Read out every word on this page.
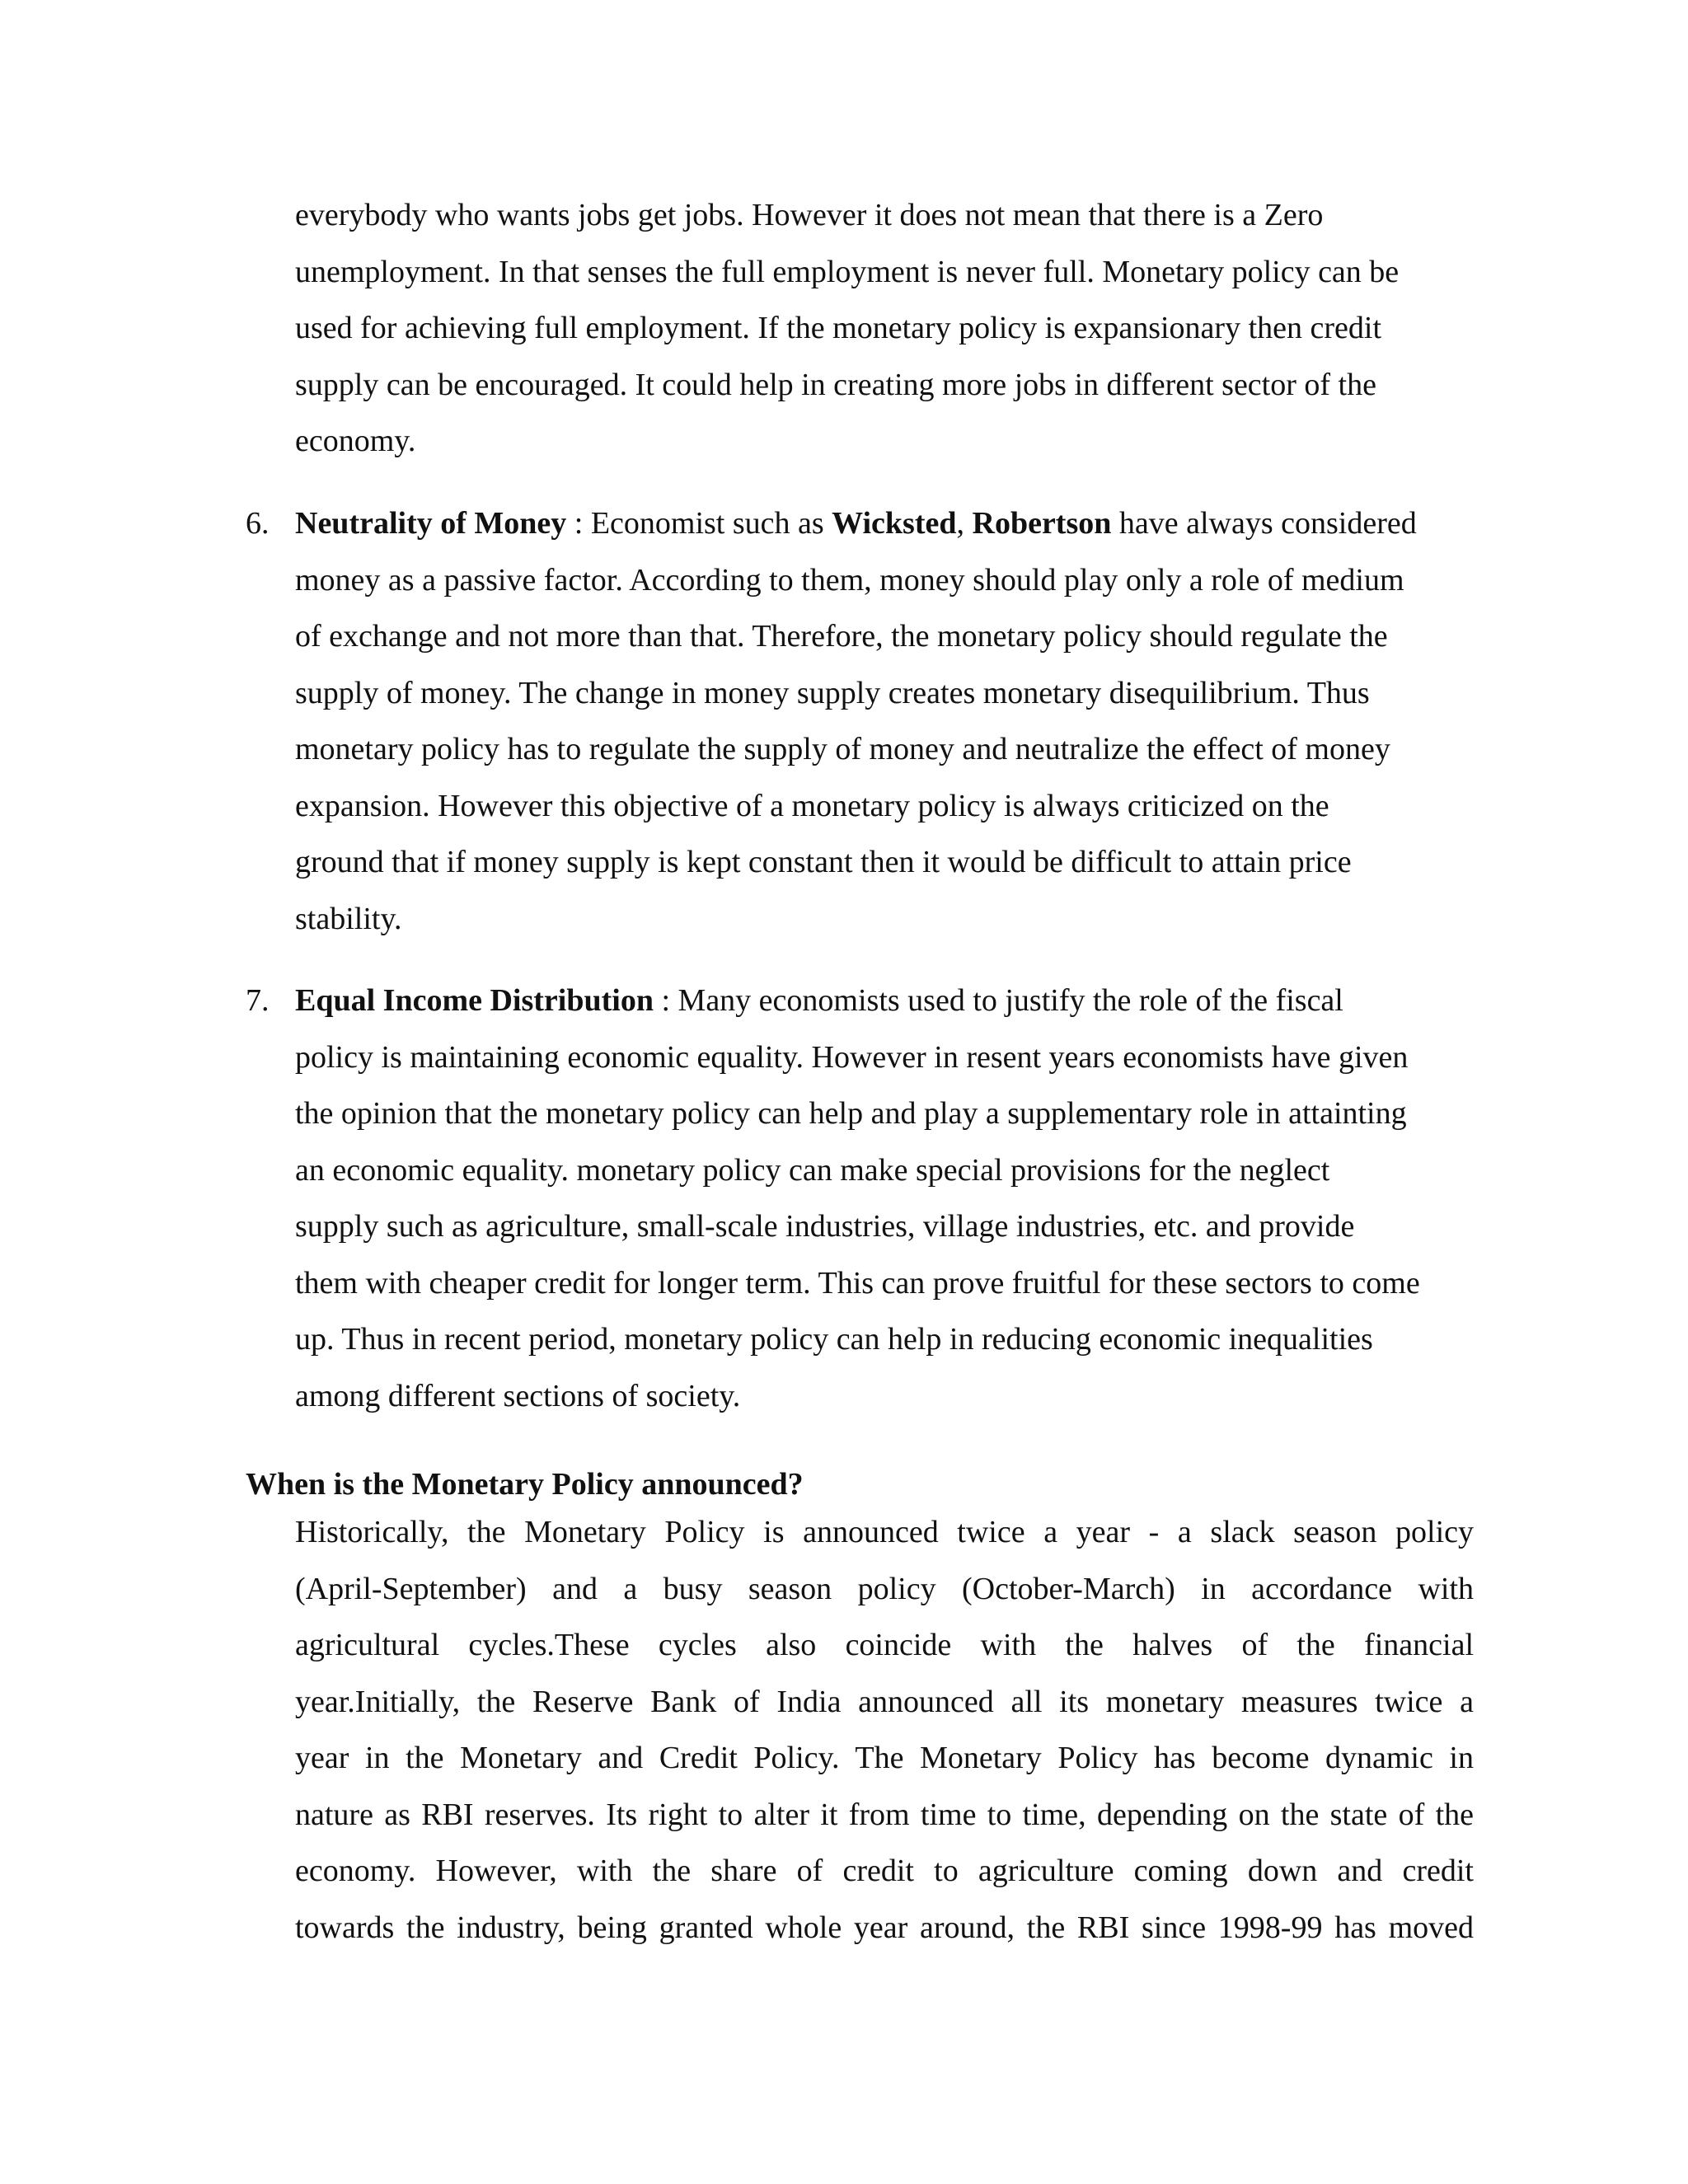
everybody who wants jobs get jobs. However it does not mean that there is a Zero
unemployment. In that senses the full employment is never full. Monetary policy can be
used for achieving full employment. If the monetary policy is expansionary then credit
supply can be encouraged. It could help in creating more jobs in different sector of the
economy.
6. Neutrality of Money : Economist such as Wicksted, Robertson have always considered
money as a passive factor. According to them, money should play only a role of medium
of exchange and not more than that. Therefore, the monetary policy should regulate the
supply of money. The change in money supply creates monetary disequilibrium. Thus
monetary policy has to regulate the supply of money and neutralize the effect of money
expansion. However this objective of a monetary policy is always criticized on the
ground that if money supply is kept constant then it would be difficult to attain price
stability.
7. Equal Income Distribution : Many economists used to justify the role of the fiscal
policy is maintaining economic equality. However in resent years economists have given
the opinion that the monetary policy can help and play a supplementary role in attainting
an economic equality. monetary policy can make special provisions for the neglect
supply such as agriculture, small-scale industries, village industries, etc. and provide
them with cheaper credit for longer term. This can prove fruitful for these sectors to come
up. Thus in recent period, monetary policy can help in reducing economic inequalities
among different sections of society.
When is the Monetary Policy announced?
Historically, the Monetary Policy is announced twice a year - a slack season policy
(April-September) and a busy season policy (October-March) in accordance with
agricultural cycles.These cycles also coincide with the halves of the financial
year.Initially, the Reserve Bank of India announced all its monetary measures twice a
year in the Monetary and Credit Policy. The Monetary Policy has become dynamic in
nature as RBI reserves. Its right to alter it from time to time, depending on the state of the
economy. However, with the share of credit to agriculture coming down and credit
towards the industry, being granted whole year around, the RBI since 1998-99 has moved
